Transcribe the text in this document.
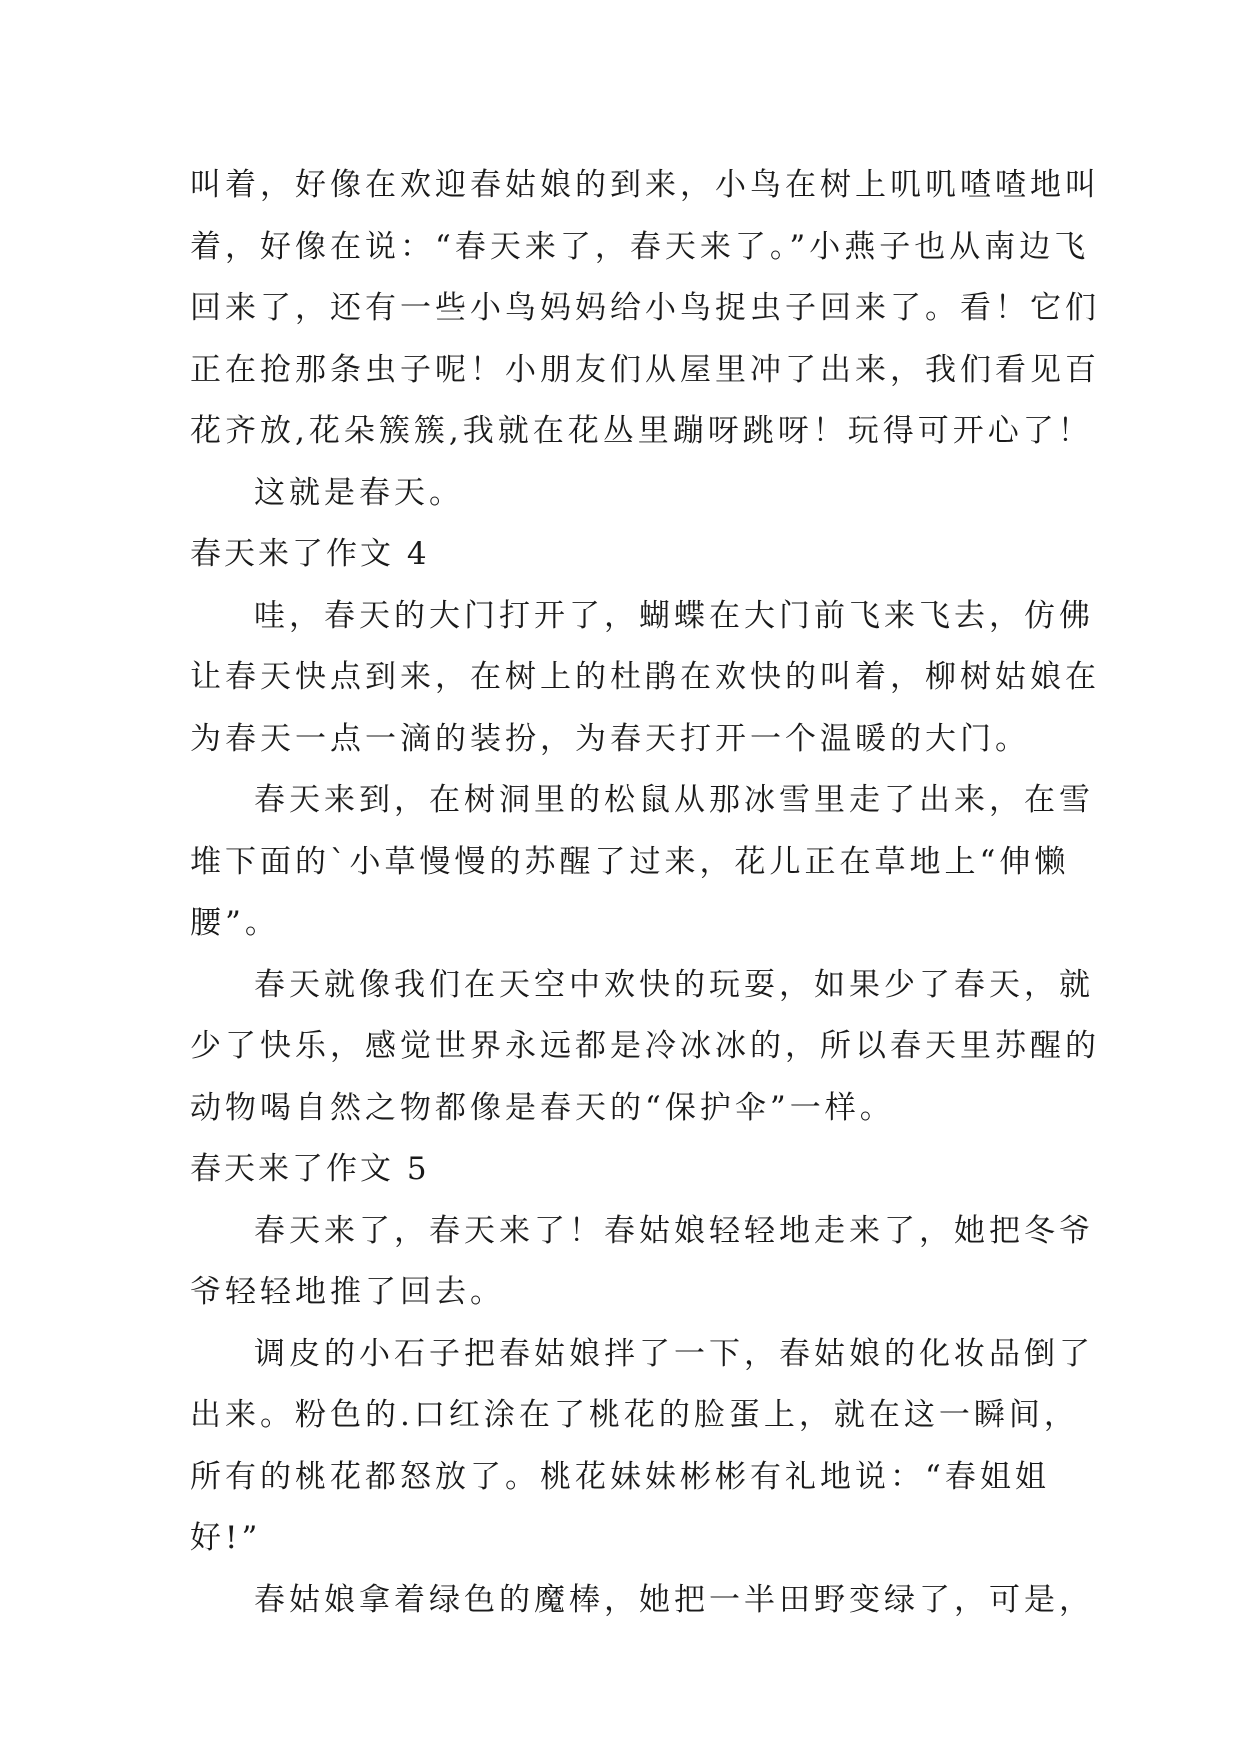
叫着，好像在欢迎春姑娘的到来，小鸟在树上叽叽喳喳地叫
着，好像在说：“春天来了，春天来了。”小燕子也从南边飞
回来了，还有一些小鸟妈妈给小鸟捉虫子回来了。看！它们
正在抢那条虫子呢！小朋友们从屋里冲了出来，我们看见百
花齐放,花朵簇簇,我就在花丛里蹦呀跳呀！玩得可开心了！
这就是春天。
春天来了作文 4
哇，春天的大门打开了，蝴蝶在大门前飞来飞去，仿佛
让春天快点到来，在树上的杜鹃在欢快的叫着，柳树姑娘在
为春天一点一滴的装扮，为春天打开一个温暖的大门。
春天来到，在树洞里的松鼠从那冰雪里走了出来，在雪
堆下面的`小草慢慢的苏醒了过来，花儿正在草地上“伸懒
腰”。
春天就像我们在天空中欢快的玩耍，如果少了春天，就
少了快乐，感觉世界永远都是冷冰冰的，所以春天里苏醒的
动物喝自然之物都像是春天的“保护伞”一样。
春天来了作文 5
春天来了，春天来了！春姑娘轻轻地走来了，她把冬爷
爷轻轻地推了回去。
调皮的小石子把春姑娘拌了一下，春姑娘的化妆品倒了
出来。粉色的.口红涂在了桃花的脸蛋上，就在这一瞬间，
所有的桃花都怒放了。桃花妹妹彬彬有礼地说：“春姐姐
好!”
春姑娘拿着绿色的魔棒，她把一半田野变绿了，可是，
